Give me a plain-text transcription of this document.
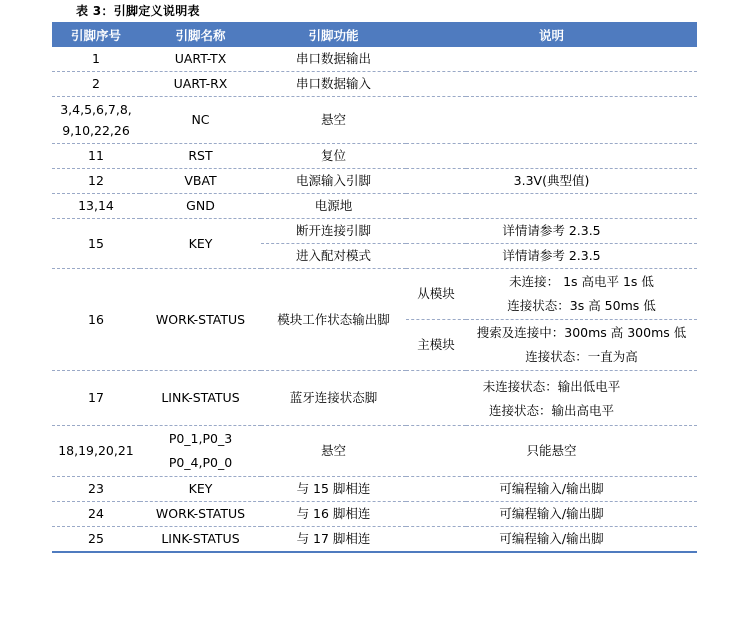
表 3：引脚定义说明表
引脚序号	引脚名称	引脚功能	说明	
1	UART-TX	串口数据输出		
2	UART-RX	串口数据输入		

3,4,5,6,7,8,
9,10,22,26	NC	悬空		
11	RST	复位		
12	VBAT	电源输入引脚	3.3V(典型值)	
13,14	GND	电源地		
15	KEY	断开连接引脚	详情请参考 2.3.5	
		进入配对模式	详情请参考 2.3.5	
16	WORK-STATUS	模块工作状态输出脚	从模块	未连接： 1s 高电平 1s 低
连接状态：3s 高 50ms 低

			主模块	搜索及连接中：300ms 高 300ms 低
连接状态：一直为高

17	LINK-STATUS	蓝牙连接状态脚	未连接状态：输出低电平
连接状态：输出高电平	

18,19,20,21	P0_1,P0_3
P0_4,P0_0	悬空	只能悬空	
23	KEY	与 15 脚相连	可编程输入/输出脚	
24	WORK-STATUS	与 16 脚相连	可编程输入/输出脚	
25	LINK-STATUS	与 17 脚相连	可编程输入/输出脚	
